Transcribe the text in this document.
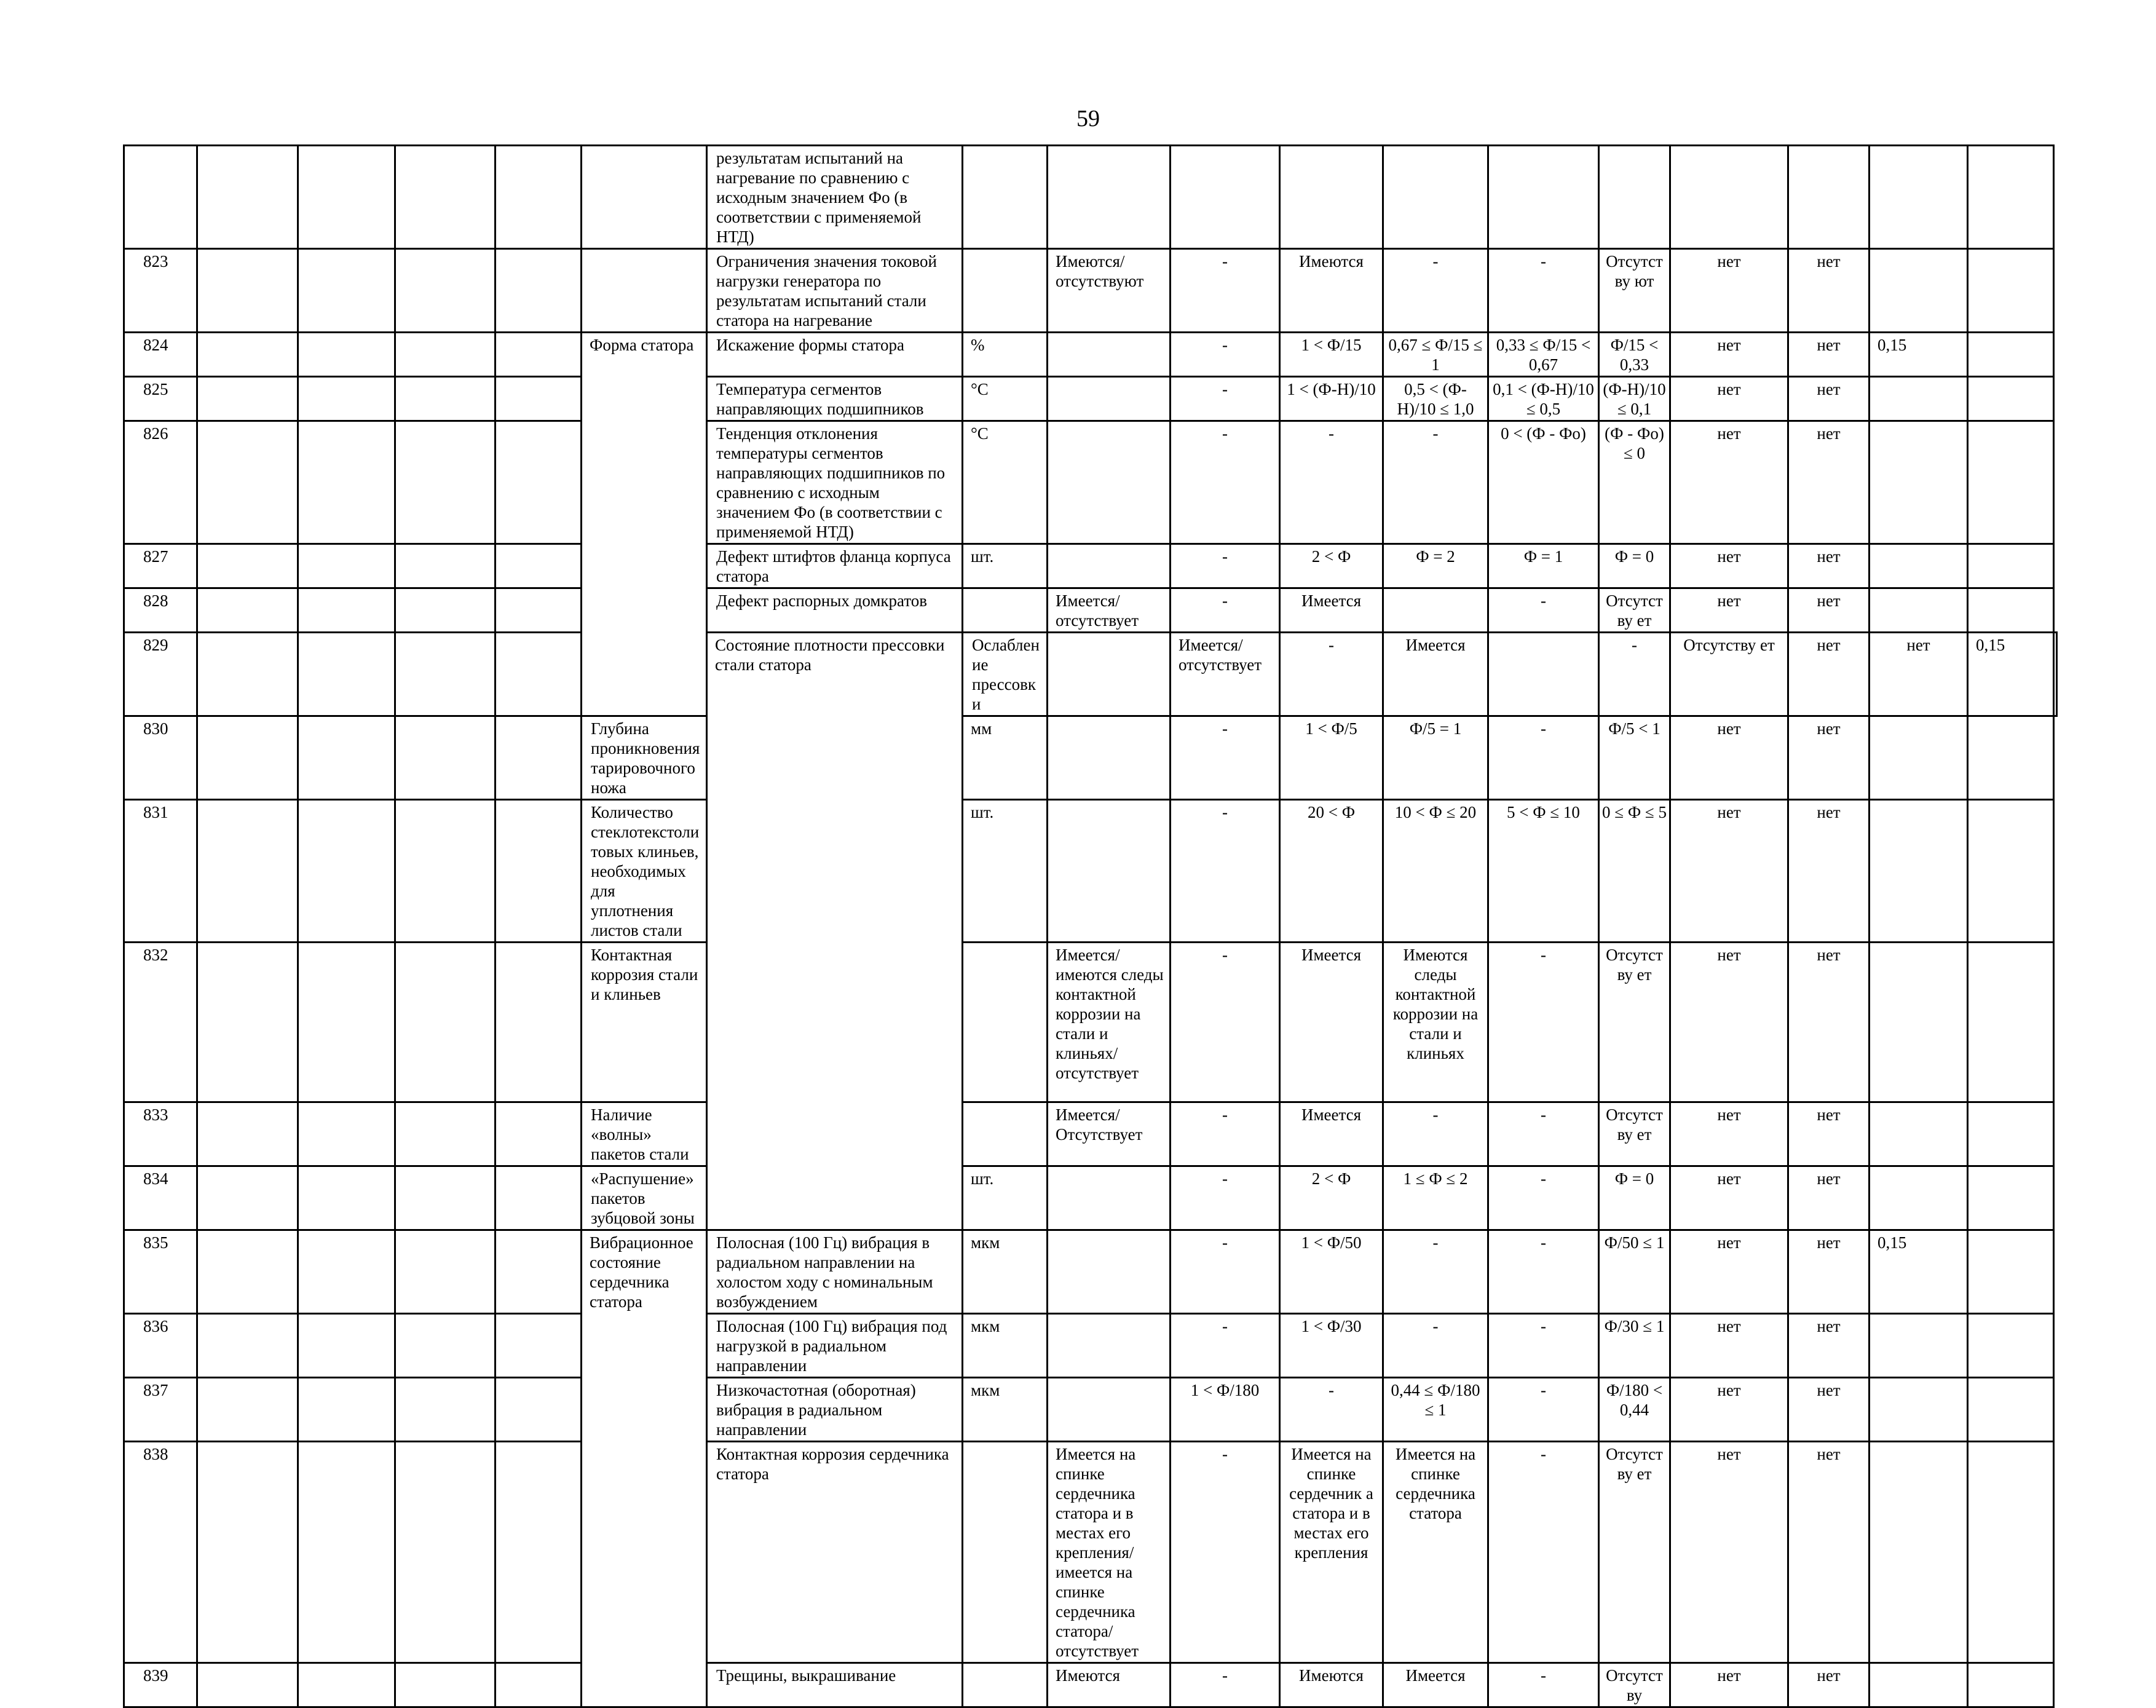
59
						результатам испытаний на нагревание по сравнению с исходным значением Фо (в соответствии с применяемой НТД)												
823						Ограничения значения токовой нагрузки генератора по результатам испытаний стали статора на нагревание		Имеются/ отсутствуют	-	Имеются	-	-	Отсутству ют	нет	нет			
824					Форма статора	Искажение формы статора	%		-	1 < Ф/15	0,67 ≤ Ф/15 ≤ 1	0,33 ≤ Ф/15 < 0,67	Ф/15 < 0,33	нет	нет	0,15		
825						Температура сегментов направляющих подшипников	°C		-	1 < (Ф-Н)/10	0,5 < (Ф-Н)/10 ≤ 1,0	0,1 < (Ф-Н)/10 ≤ 0,5	(Ф-Н)/10 ≤ 0,1	нет	нет			
826						Тенденция отклонения температуры сегментов направляющих подшипников по сравнению с исходным значением Фо (в соответствии с применяемой НТД)	°C		-	-	-	0 < (Ф - Фо)	(Ф - Фо) ≤ 0	нет	нет			
827						Дефект штифтов фланца корпуса статора	шт.		-	2 < Ф	Ф = 2	Ф = 1	Ф = 0	нет	нет			
828						Дефект распорных домкратов		Имеется/ отсутствует	-	Имеется		-	Отсутству ет	нет	нет			
829						Состояние плотности прессовки стали статора	Ослабление прессовки		Имеется/ отсутствует	-	Имеется		-	Отсутству ет	нет	нет	0,15	
830					Глубина проникновения тарировочного ножа		мм		-	1 < Ф/5	Ф/5 = 1	-	Ф/5 < 1	нет	нет			
831					Количество стеклотекстолитовых клиньев, необходимых для уплотнения листов стали		шт.		-	20 < Ф	10 < Ф ≤ 20	5 < Ф ≤ 10	0 ≤ Ф ≤ 5	нет	нет			
832					Контактная коррозия стали и клиньев			Имеется/ имеются следы контактной коррозии на стали и клиньях/ отсутствует	-	Имеется	Имеются следы контактной коррозии на стали и клиньях	-	Отсутству ет	нет	нет			
833					Наличие «волны» пакетов стали			Имеется/ Отсутствует	-	Имеется	-	-	Отсутству ет	нет	нет			
834					«Распушение» пакетов зубцовой зоны		шт.		-	2 < Ф	1 ≤ Ф ≤ 2	-	Ф = 0	нет	нет			
835					Вибрационное состояние сердечника статора	Полосная (100 Гц) вибрация в радиальном направлении на холостом ходу с номинальным возбуждением	мкм		-	1 < Ф/50	-	-	Ф/50 ≤ 1	нет	нет	0,15		
836						Полосная (100 Гц) вибрация под нагрузкой в радиальном направлении	мкм		-	1 < Ф/30	-	-	Ф/30 ≤ 1	нет	нет			
837						Низкочастотная (оборотная) вибрация в радиальном направлении	мкм		1 < Ф/180	-	0,44 ≤ Ф/180 ≤ 1	-	Ф/180 < 0,44	нет	нет			
838						Контактная коррозия сердечника статора		Имеется на спинке сердечника статора и в местах его крепления/ имеется на спинке сердечника статора/ отсутствует	-	Имеется на спинке сердечник а статора и в местах его крепления	Имеется на спинке сердечника статора	-	Отсутству ет	нет	нет			
839						Трещины, выкрашивание		Имеются	-	Имеются	Имеется	-	Отсутству	нет	нет			
